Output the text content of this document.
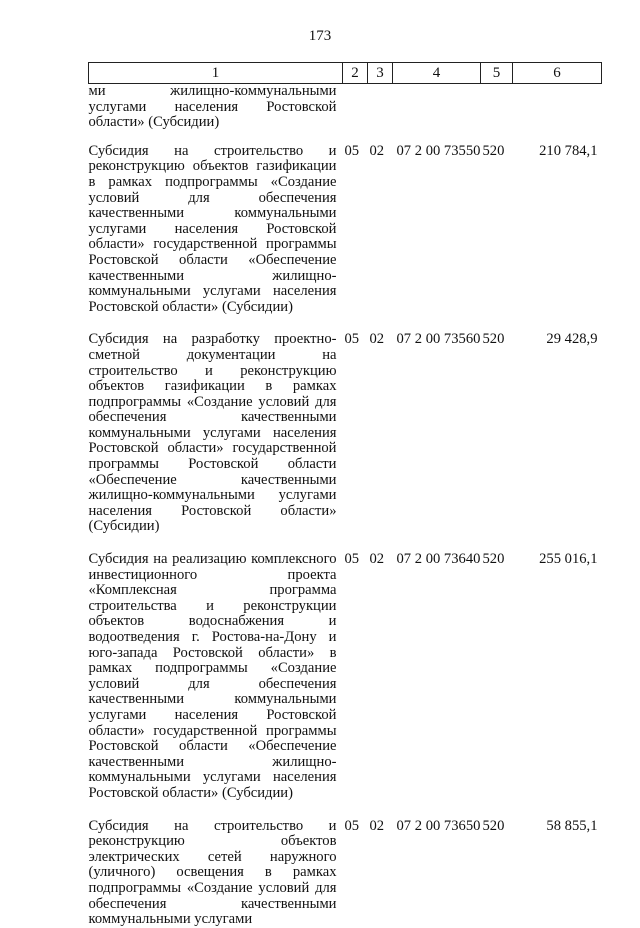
173
1	2	3	4	5	6
ми жилищно-коммунальными услугами населения Ростовской области» (Субсидии)					
Субсидия на строительство и реконструкцию объектов газификации в рамках подпрограммы «Создание условий для обеспечения качественными коммунальными услугами населения Ростовской области» государственной программы Ростовской области «Обеспечение качественными жилищно-коммунальными услугами населения Ростовской области» (Субсидии)	05	02	07 2 00 73550	520	210 784,1
Субсидия на разработку проектно-сметной документации на строительство и реконструкцию объектов газификации в рамках подпрограммы «Создание условий для обеспечения качественными коммунальными услугами населения Ростовской области» государственной программы Ростовской области «Обеспечение качественными жилищно-коммунальными услугами населения Ростовской области» (Субсидии)	05	02	07 2 00 73560	520	29 428,9
Субсидия на реализацию комплексного инвестиционного проекта «Комплексная программа строительства и реконструкции объектов водоснабжения и водоотведения г. Ростова-на-Дону и юго-запада Ростовской области» в рамках подпрограммы «Создание условий для обеспечения качественными коммунальными услугами населения Ростовской области» государственной программы Ростовской области «Обеспечение качественными жилищно-коммунальными услугами населения Ростовской области» (Субсидии)	05	02	07 2 00 73640	520	255 016,1
Субсидия на строительство и реконструкцию объектов электрических сетей наружного (уличного) освещения в рамках подпрограммы «Создание условий для обеспечения качественными коммунальными услугами	05	02	07 2 00 73650	520	58 855,1
